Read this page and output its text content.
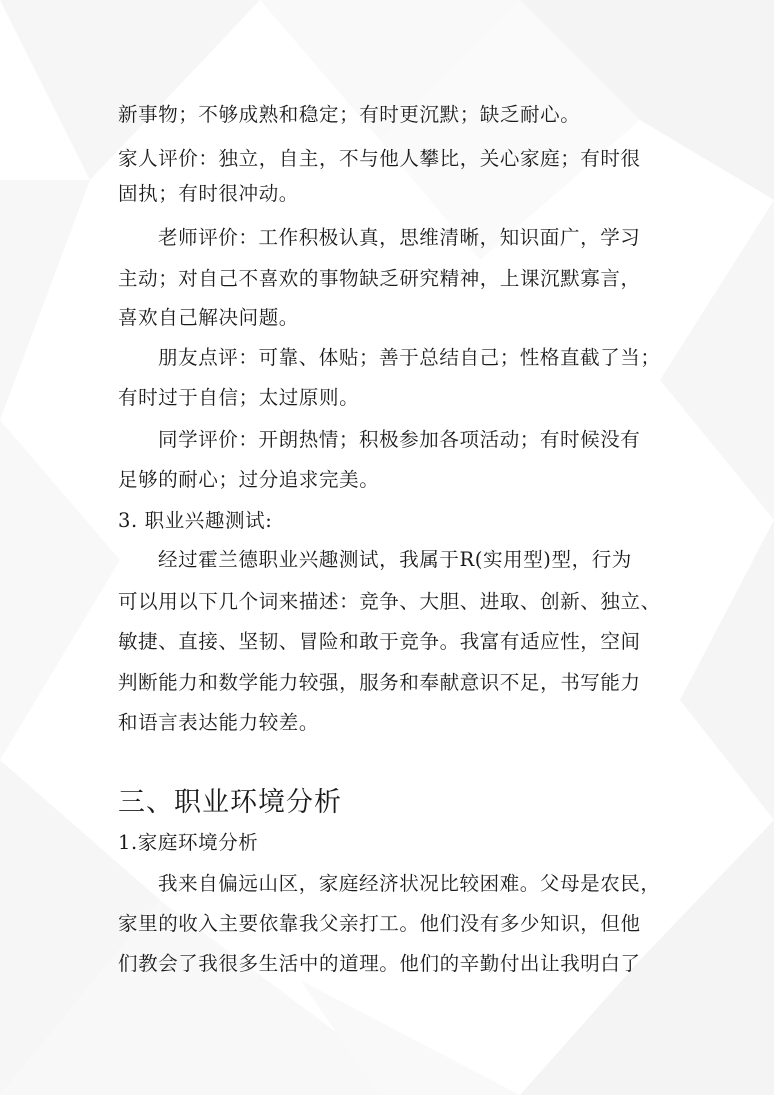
新事物；不够成熟和稳定；有时更沉默；缺乏耐心。
家人评价：独立，自主，不与他人攀比，关心家庭；有时很
固执；有时很冲动。
老师评价：工作积极认真，思维清晰，知识面广，学习
主动；对自己不喜欢的事物缺乏研究精神，上课沉默寡言，
喜欢自己解决问题。
朋友点评：可靠、体贴；善于总结自己；性格直截了当；
有时过于自信；太过原则。
同学评价：开朗热情；积极参加各项活动；有时候没有
足够的耐心；过分追求完美。
3. 职业兴趣测试:
经过霍兰德职业兴趣测试，我属于R(实用型)型，行为
可以用以下几个词来描述：竞争、大胆、进取、创新、独立、
敏捷、直接、坚韧、冒险和敢于竞争。我富有适应性，空间
判断能力和数学能力较强，服务和奉献意识不足，书写能力
和语言表达能力较差。
三、职业环境分析
1.家庭环境分析
我来自偏远山区，家庭经济状况比较困难。父母是农民，
家里的收入主要依靠我父亲打工。他们没有多少知识，但他
们教会了我很多生活中的道理。他们的辛勤付出让我明白了
